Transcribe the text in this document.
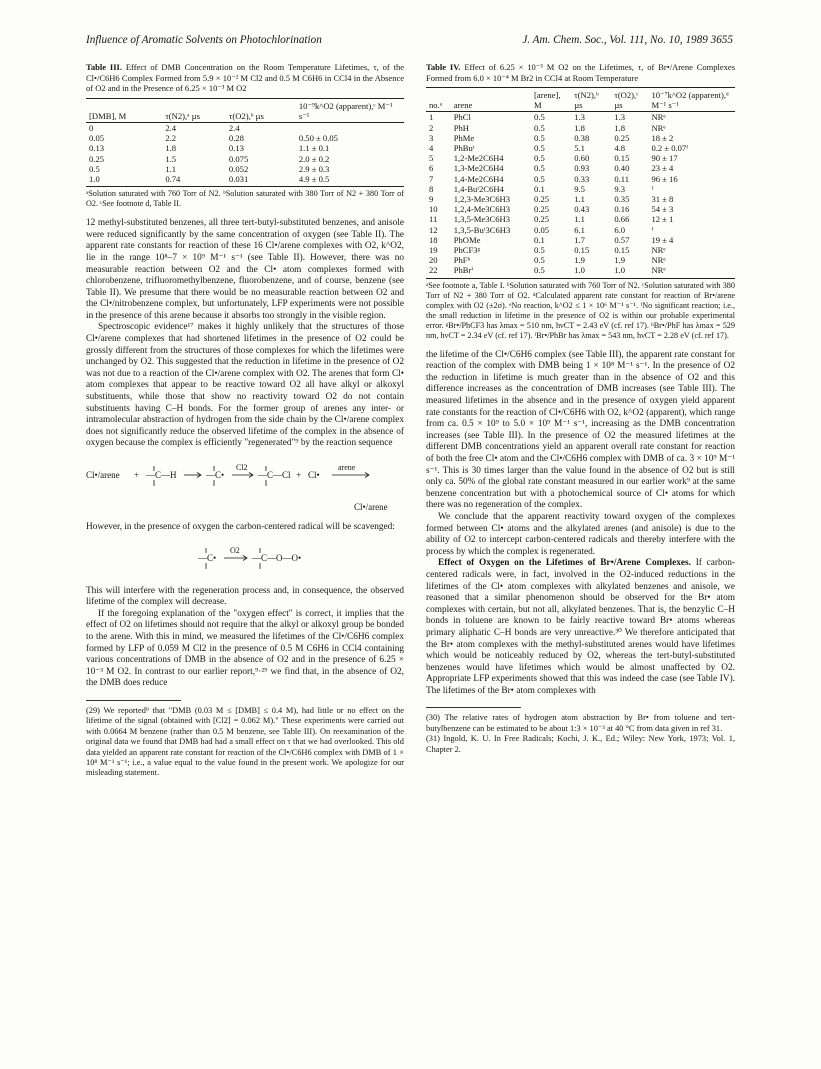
Influence of Aromatic Solvents on Photochlorination	J. Am. Chem. Soc., Vol. 111, No. 10, 1989 3655
Table III. Effect of DMB Concentration on the Room Temperature Lifetimes, τ, of the Cl•/C6H6 Complex Formed from 5.9 × 10⁻² M Cl2 and 0.5 M C6H6 in CCl4 in the Absence of O2 and in the Presence of 6.25 × 10⁻³ M O2
[DMB], M	τ(N2),ᵃ µs	τ(O2),ᵇ µs	10⁻⁹k^O2 (apparent),ᶜ M⁻¹ s⁻¹
0	2.4	2.4	
0.05	2.2	0.28	0.50 ± 0.05
0.13	1.8	0.13	1.1 ± 0.1
0.25	1.5	0.075	2.0 ± 0.2
0.5	1.1	0.052	2.9 ± 0.3
1.0	0.74	0.031	4.9 ± 0.5
ᵃSolution saturated with 760 Torr of N2. ᵇSolution saturated with 380 Torr of N2 + 380 Torr of O2. ᶜSee footnote d, Table II.

12 methyl-substituted benzenes, all three tert-butyl-substituted benzenes, and anisole were reduced significantly by the same concentration of oxygen (see Table II). The apparent rate constants for reaction of these 16 Cl•/arene complexes with O2, k^O2, lie in the range 10⁸–7 × 10⁹ M⁻¹ s⁻¹ (see Table II). However, there was no measurable reaction between O2 and the Cl• atom complexes formed with chlorobenzene, trifluoromethylbenzene, fluorobenzene, and of course, benzene (see Table II). We presume that there would be no measurable reaction between O2 and the Cl•/nitrobenzene complex, but unfortunately, LFP experiments were not possible in the presence of this arene because it absorbs too strongly in the visible region.

Spectroscopic evidence¹⁷ makes it highly unlikely that the structures of those Cl•/arene complexes that had shortened lifetimes in the presence of O2 could be grossly different from the structures of those complexes for which the lifetimes were unchanged by O2. This suggested that the reduction in lifetime in the presence of O2 was not due to a reaction of the Cl•/arene complex with O2. The arenes that form Cl• atom complexes that appear to be reactive toward O2 all have alkyl or alkoxyl substituents, while those that show no reactivity toward O2 do not contain substituents having C–H bonds. For the former group of arenes any inter- or intramolecular abstraction of hydrogen from the side chain by the Cl•/arene complex does not significantly reduce the observed lifetime of the complex in the absence of oxygen because the complex is efficiently "regenerated"⁹ by the reaction sequence

Cl•/arene + —C—H	—C•
Cl2
—C—Cl + Cl•
arene
Cl•/arene

However, in the presence of oxygen the carbon-centered radical will be scavenged:

—C•
O2
—C—O—O•

This will interfere with the regeneration process and, in consequence, the observed lifetime of the complex will decrease.

If the foregoing explanation of the "oxygen effect" is correct, it implies that the effect of O2 on lifetimes should not require that the alkyl or alkoxyl group be bonded to the arene. With this in mind, we measured the lifetimes of the Cl•/C6H6 complex formed by LFP of 0.059 M Cl2 in the presence of 0.5 M C6H6 in CCl4 containing various concentrations of DMB in the absence of O2 and in the presence of 6.25 × 10⁻³ M O2. In contrast to our earlier report,⁹·²⁹ we find that, in the absence of O2, the DMB does reduce

(29) We reported⁹ that "DMB (0.03 M ≤ [DMB] ≤ 0.4 M), had little or no effect on the lifetime of the signal (obtained with [Cl2] = 0.062 M)." These experiments were carried out with 0.0664 M benzene (rather than 0.5 M benzene, see Table III). On reexamination of the original data we found that DMB had had a small effect on τ that we had overlooked. This old data yielded an apparent rate constant for reaction of the Cl•/C6H6 complex with DMB of 1 × 10⁸ M⁻¹ s⁻¹; i.e., a value equal to the value found in the present work. We apologize for our misleading statement.

Table IV. Effect of 6.25 × 10⁻³ M O2 on the Lifetimes, τ, of Br•/Arene Complexes Formed from 6.0 × 10⁻⁴ M Br2 in CCl4 at Room Temperature
no.ᵃ	arene	[arene], M	τ(N2),ᵇ µs	τ(O2),ᶜ µs	10⁻⁷k^O2 (apparent),ᵈ M⁻¹ s⁻¹
1	PhCl	0.5	1.3	1.3	NRᵉ
2	PhH	0.5	1.8	1.8	NRᵉ
3	PhMe	0.5	0.38	0.25	18 ± 2
4	PhBuᵗ	0.5	5.1	4.8	0.2 ± 0.07ᶠ
5	1,2-Me2C6H4	0.5	0.60	0.15	90 ± 17
6	1,3-Me2C6H4	0.5	0.93	0.40	23 ± 4
7	1,4-Me2C6H4	0.5	0.33	0.11	96 ± 16
8	1,4-Buᵗ2C6H4	0.1	9.5	9.3	ᶠ
9	1,2,3-Me3C6H3	0.25	1.1	0.35	31 ± 8
10	1,2,4-Me3C6H3	0.25	0.43	0.16	54 ± 3
11	1,3,5-Me3C6H3	0.25	1.1	0.66	12 ± 1
12	1,3,5-Buᵗ3C6H3	0.05	6.1	6.0	ᶠ
18	PhOMe	0.1	1.7	0.57	19 ± 4
19	PhCF3ᵍ	0.5	0.15	0.15	NRᵉ
20	PhFʰ	0.5	1.9	1.9	NRᵉ
22	PhBrⁱ	0.5	1.0	1.0	NRᵉ
ᵃSee footnote a, Table I. ᵇSolution saturated with 760 Torr of N2. ᶜSolution saturated with 380 Torr of N2 + 380 Torr of O2. ᵈCalculated apparent rate constant for reaction of Br•/arene complex with O2 (±2σ). ᵉNo reaction, k^O2 ≤ 1 × 10⁶ M⁻¹ s⁻¹. ᶠNo significant reaction; i.e., the small reduction in lifetime in the presence of O2 is within our probable experimental error. ᵍBr•/PhCF3 has λmax = 510 nm, hνCT = 2.43 eV (cf. ref 17). ʰBr•/PhF has λmax = 529 nm, hνCT = 2.34 eV (cf. ref 17). ⁱBr•/PhBr has λmax = 543 nm, hνCT = 2.28 eV (cf. ref 17).

the lifetime of the Cl•/C6H6 complex (see Table III), the apparent rate constant for reaction of the complex with DMB being 1 × 10⁸ M⁻¹ s⁻¹. In the presence of O2 the reduction in lifetime is much greater than in the absence of O2 and this difference increases as the concentration of DMB increases (see Table III). The measured lifetimes in the absence and in the presence of oxygen yield apparent rate constants for the reaction of Cl•/C6H6 with O2, k^O2 (apparent), which range from ca. 0.5 × 10⁹ to 5.0 × 10⁹ M⁻¹ s⁻¹, increasing as the DMB concentration increases (see Table III). In the presence of O2 the measured lifetimes at the different DMB concentrations yield an apparent overall rate constant for reaction of both the free Cl• atom and the Cl•/C6H6 complex with DMB of ca. 3 × 10⁹ M⁻¹ s⁻¹. This is 30 times larger than the value found in the absence of O2 but is still only ca. 50% of the global rate constant measured in our earlier work⁹ at the same benzene concentration but with a photochemical source of Cl• atoms for which there was no regeneration of the complex.

We conclude that the apparent reactivity toward oxygen of the complexes formed between Cl• atoms and the alkylated arenes (and anisole) is due to the ability of O2 to intercept carbon-centered radicals and thereby interfere with the process by which the complex is regenerated.

Effect of Oxygen on the Lifetimes of Br•/Arene Complexes. If carbon-centered radicals were, in fact, involved in the O2-induced reductions in the lifetimes of the Cl• atom complexes with alkylated benzenes and anisole, we reasoned that a similar phenomenon should be observed for the Br• atom complexes with certain, but not all, alkylated benzenes. That is, the benzylic C–H bonds in toluene are known to be fairly reactive toward Br• atoms whereas primary aliphatic C–H bonds are very unreactive.³⁰ We therefore anticipated that the Br• atom complexes with the methyl-substituted arenes would have lifetimes which would be noticeably reduced by O2, whereas the tert-butyl-substituted benzenes would have lifetimes which would be almost unaffected by O2. Appropriate LFP experiments showed that this was indeed the case (see Table IV). The lifetimes of the Br• atom complexes with

(30) The relative rates of hydrogen atom abstraction by Br• from toluene and tert-butylbenzene can be estimated to be about 1:3 × 10⁻³ at 40 °C from data given in ref 31.

(31) Ingold, K. U. In Free Radicals; Kochi, J. K., Ed.; Wiley: New York, 1973; Vol. 1, Chapter 2.
